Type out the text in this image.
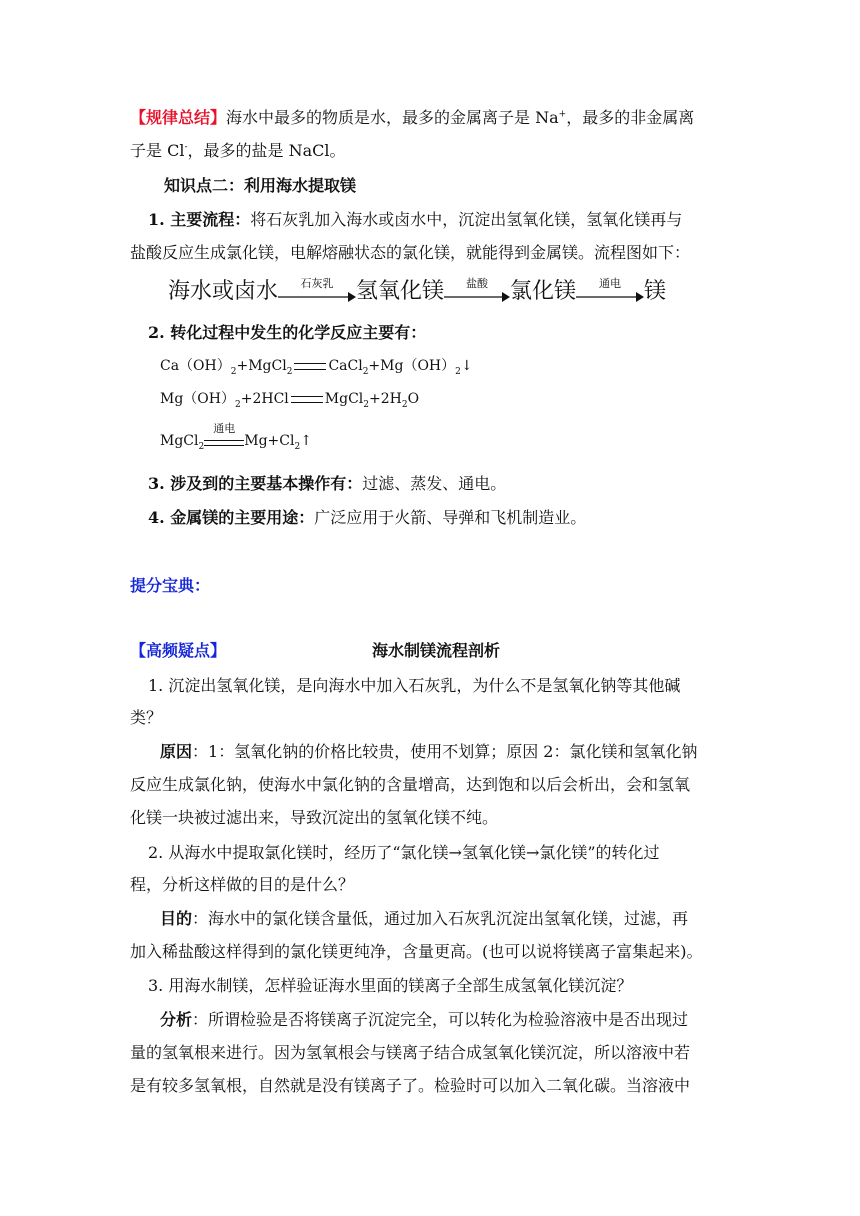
【规律总结】海水中最多的物质是水，最多的金属离子是 Na+，最多的非金属离
子是 Cl-，最多的盐是 NaCl。
知识点二：利用海水提取镁
1. 主要流程：将石灰乳加入海水或卤水中，沉淀出氢氧化镁，氢氧化镁再与
盐酸反应生成氯化镁，电解熔融状态的氯化镁，就能得到金属镁。流程图如下：
海水或卤水	石灰乳	氢氧化镁	盐酸	氯化镁	通电	镁
2. 转化过程中发生的化学反应主要有：
$Ca(OH)_2+MgCl_2$	$CaCl_2+Mg(OH)_2↓$
$Mg(OH)_2+2HCl$	$MgCl_2+2H_2O$
MgCl$_2$
通电
$Mg+Cl_2↑$
3. 涉及到的主要基本操作有：过滤、蒸发、通电。
4. 金属镁的主要用途：广泛应用于火箭、导弹和飞机制造业。
提分宝典：
【高频疑点】	海水制镁流程剖析
1. 沉淀出氢氧化镁，是向海水中加入石灰乳，为什么不是氢氧化钠等其他碱
类？
原因：1：氢氧化钠的价格比较贵，使用不划算；原因 2：氯化镁和氢氧化钠
反应生成氯化钠，使海水中氯化钠的含量增高，达到饱和以后会析出，会和氢氧
化镁一块被过滤出来，导致沉淀出的氢氧化镁不纯。
2. 从海水中提取氯化镁时，经历了“氯化镁→氢氧化镁→氯化镁”的转化过
程，分析这样做的目的是什么？
目的：海水中的氯化镁含量低，通过加入石灰乳沉淀出氢氧化镁，过滤，再
加入稀盐酸这样得到的氯化镁更纯净，含量更高。(也可以说将镁离子富集起来)。
3. 用海水制镁，怎样验证海水里面的镁离子全部生成氢氧化镁沉淀？
分析：所谓检验是否将镁离子沉淀完全，可以转化为检验溶液中是否出现过
量的氢氧根来进行。因为氢氧根会与镁离子结合成氢氧化镁沉淀，所以溶液中若
是有较多氢氧根，自然就是没有镁离子了。检验时可以加入二氧化碳。当溶液中
